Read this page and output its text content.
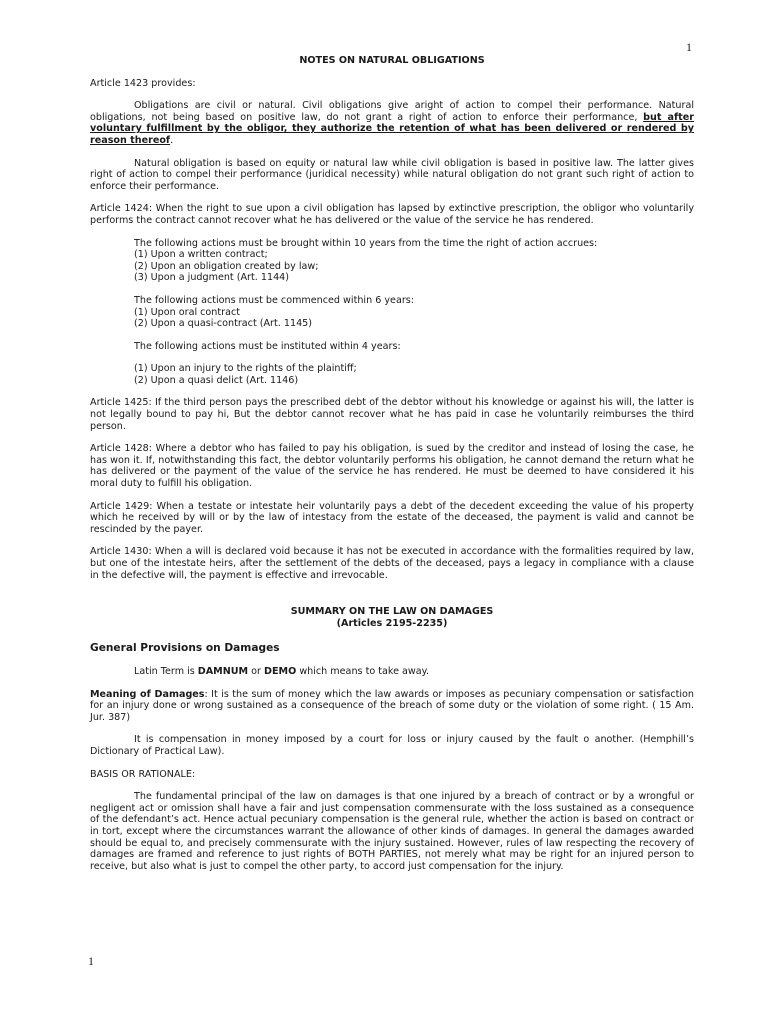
1
NOTES ON NATURAL OBLIGATIONS

Article 1423 provides:

Obligations are civil or natural. Civil obligations give aright of action to compel their performance. Natural obligations, not being based on positive law, do not grant a right of action to enforce their performance, but after voluntary fulfillment by the obligor, they authorize the retention of what has been delivered or rendered by reason thereof.

Natural obligation is based on equity or natural law while civil obligation is based in positive law. The latter gives right of action to compel their performance (juridical necessity) while natural obligation do not grant such right of action to enforce their performance.

Article 1424: When the right to sue upon a civil obligation has lapsed by extinctive prescription, the obligor who voluntarily performs the contract cannot recover what he has delivered or the value of the service he has rendered.

The following actions must be brought within 10 years from the time the right of action accrues:
(1) Upon a written contract;
(2) Upon an obligation created by law;
(3) Upon a judgment (Art. 1144)
The following actions must be commenced within 6 years:
(1) Upon oral contract
(2) Upon a quasi-contract (Art. 1145)
The following actions must be instituted within 4 years:
(1) Upon an injury to the rights of the plaintiff;
(2) Upon a quasi delict (Art. 1146)

Article 1425: If the third person pays the prescribed debt of the debtor without his knowledge or against his will, the latter is not legally bound to pay hi, But the debtor cannot recover what he has paid in case he voluntarily reimburses the third person.

Article 1428: Where a debtor who has failed to pay his obligation, is sued by the creditor and instead of losing the case, he has won it. If, notwithstanding this fact, the debtor voluntarily performs his obligation, he cannot demand the return what he has delivered or the payment of the value of the service he has rendered. He must be deemed to have considered it his moral duty to fulfill his obligation.

Article 1429: When a testate or intestate heir voluntarily pays a debt of the decedent exceeding the value of his property which he received by will or by the law of intestacy from the estate of the deceased, the payment is valid and cannot be rescinded by the payer.

Article 1430: When a will is declared void because it has not be executed in accordance with the formalities required by law, but one of the intestate heirs, after the settlement of the debts of the deceased, pays a legacy in compliance with a clause in the defective will, the payment is effective and irrevocable.

SUMMARY ON THE LAW ON DAMAGES
(Articles 2195-2235)
General Provisions on Damages

Latin Term is DAMNUM or DEMO which means to take away.

Meaning of Damages: It is the sum of money which the law awards or imposes as pecuniary compensation or satisfaction for an injury done or wrong sustained as a consequence of the breach of some duty or the violation of some right. ( 15 Am. Jur. 387)

It is compensation in money imposed by a court for loss or injury caused by the fault o another. (Hemphill’s Dictionary of Practical Law).

BASIS OR RATIONALE:

The fundamental principal of the law on damages is that one injured by a breach of contract or by a wrongful or negligent act or omission shall have a fair and just compensation commensurate with the loss sustained as a consequence of the defendant’s act. Hence actual pecuniary compensation is the general rule, whether the action is based on contract or in tort, except where the circumstances warrant the allowance of other kinds of damages. In general the damages awarded should be equal to, and precisely commensurate with the injury sustained. However, rules of law respecting the recovery of damages are framed and reference to just rights of BOTH PARTIES, not merely what may be right for an injured person to receive, but also what is just to compel the other party, to accord just compensation for the injury.

1
